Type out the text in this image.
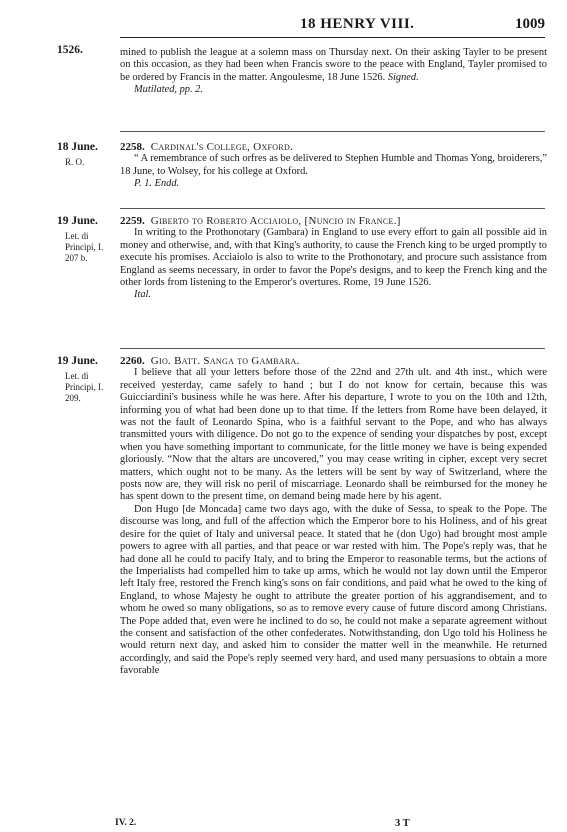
18 HENRY VIII.	1009
1526.	mined to publish the league at a solemn mass on Thursday next. On their asking Tayler to be present on this occasion, as they had been when Francis swore to the peace with England, Tayler promised to be ordered by Francis in the matter. Angoulesme, 18 June 1526. Signed.

Mutilated, pp. 2.

18 June.
R. O.

2258. Cardinal's College, Oxford.

“ A remembrance of such orfres as be delivered to Stephen Humble and Thomas Yong, broiderers,” 18 June, to Wolsey, for his college at Oxford.

P. 1. Endd.

19 June.
Let. di Principi, I. 207 b.

2259. Giberto to Roberto Acciaiolo, [Nuncio in France.]

In writing to the Prothonotary (Gambara) in England to use every effort to gain all possible aid in money and otherwise, and, with that King's authority, to cause the French king to be urged promptly to execute his promises. Acciaiolo is also to write to the Prothonotary, and procure such assistance from England as seems necessary, in order to favor the Pope's designs, and to keep the French king and the other lords from listening to the Emperor's overtures. Rome, 19 June 1526.

Ital.

19 June.
Let. di Principi, I. 209.

2260. Gio. Batt. Sanga to Gambara.

I believe that all your letters before those of the 22nd and 27th ult. and 4th inst., which were received yesterday, came safely to hand ; but I do not know for certain, because this was Guicciardini's business while he was here. After his departure, I wrote to you on the 10th and 12th, informing you of what had been done up to that time. If the letters from Rome have been delayed, it was not the fault of Leonardo Spina, who is a faithful servant to the Pope, and who has always transmitted yours with diligence. Do not go to the expence of sending your dispatches by post, except when you have something important to communicate, for the little money we have is being expended gloriously. “Now that the altars are uncovered,” you may cease writing in cipher, except very secret matters, which ought not to be many. As the letters will be sent by way of Switzerland, where the posts now are, they will risk no peril of miscarriage. Leonardo shall be reimbursed for the money he has spent down to the present time, on demand being made here by his agent.

Don Hugo [de Moncada] came two days ago, with the duke of Sessa, to speak to the Pope. The discourse was long, and full of the affection which the Emperor bore to his Holiness, and of his great desire for the quiet of Italy and universal peace. It stated that he (don Ugo) had brought most ample powers to agree with all parties, and that peace or war rested with him. The Pope's reply was, that he had done all he could to pacify Italy, and to bring the Emperor to reasonable terms, but the actions of the Imperialists had compelled him to take up arms, which he would not lay down until the Emperor left Italy free, restored the French king's sons on fair conditions, and paid what he owed to the king of England, to whose Majesty he ought to attribute the greater portion of his aggrandisement, and to whom he owed so many obligations, so as to remove every cause of future discord among Christians. The Pope added that, even were he inclined to do so, he could not make a separate agreement without the consent and satisfaction of the other confederates. Notwithstanding, don Ugo told his Holiness he would return next day, and asked him to consider the matter well in the meanwhile. He returned accordingly, and said the Pope's reply seemed very hard, and used many persuasions to obtain a more favorable

IV. 2.	3 T
